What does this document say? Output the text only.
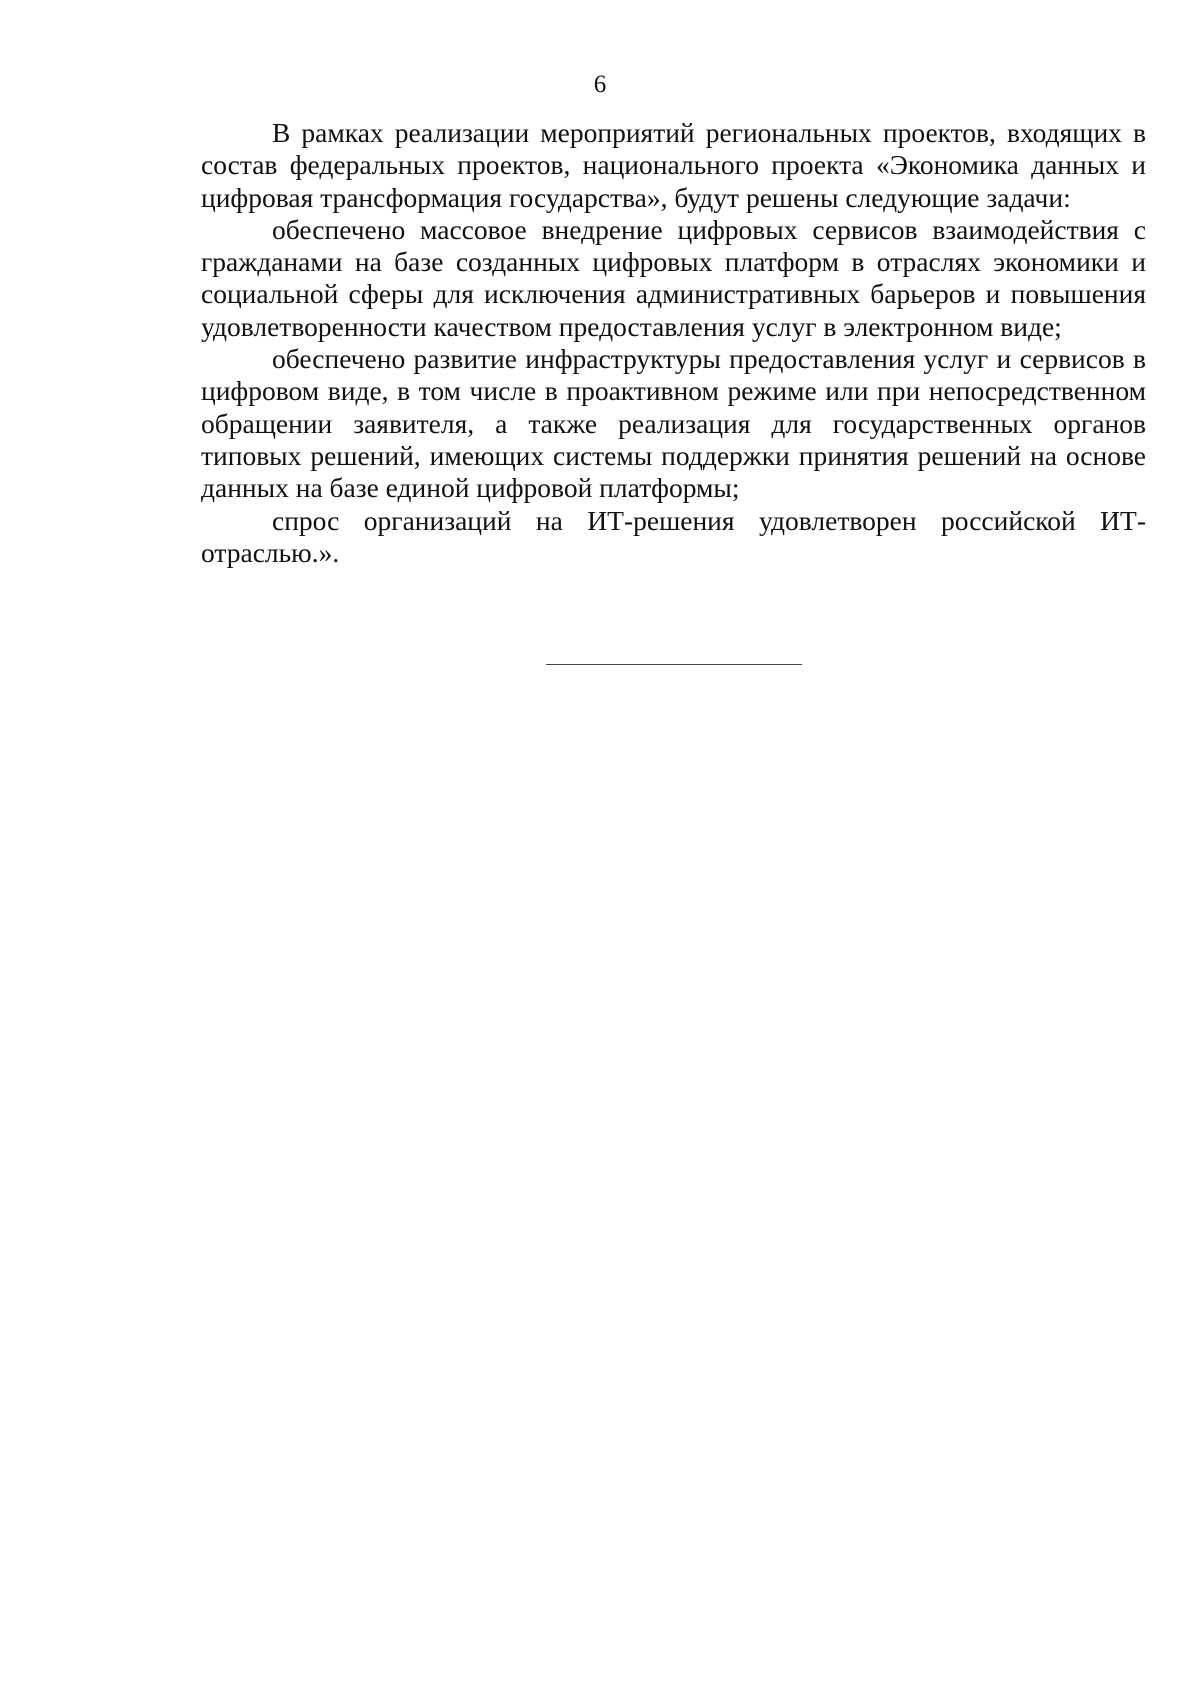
6

В рамках реализации мероприятий региональных проектов, входящих в состав федеральных проектов, национального проекта «Экономика данных и цифровая трансформация государства», будут решены следующие задачи:

обеспечено массовое внедрение цифровых сервисов взаимодействия с гражданами на базе созданных цифровых платформ в отраслях экономики и социальной сферы для исключения административных барьеров и повышения удовлетворенности качеством предоставления услуг в электронном виде;

обеспечено развитие инфраструктуры предоставления услуг и сервисов в цифровом виде, в том числе в проактивном режиме или при непосредственном обращении заявителя, а также реализация для государственных органов типовых решений, имеющих системы поддержки принятия решений на основе данных на базе единой цифровой платформы;

спрос организаций на ИТ-решения удовлетворен российской ИТ-отраслью.».
